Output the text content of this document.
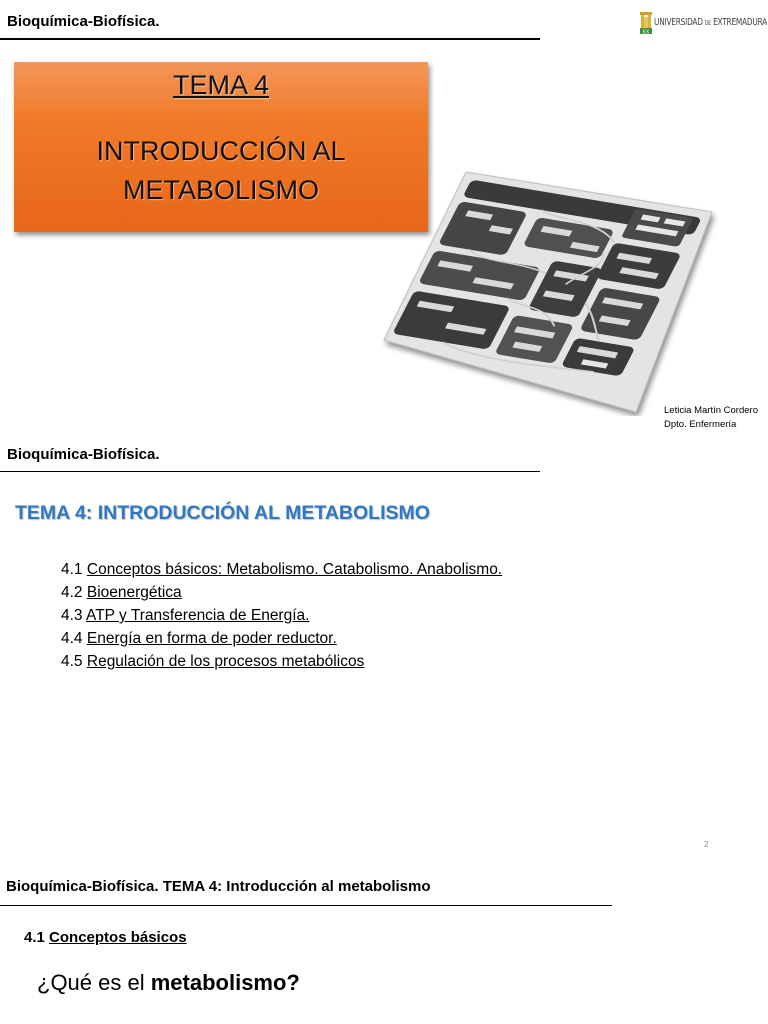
Bioquímica-Biofísica.
EX
UNIVERSIDAD DE EXTREMADURA
TEMA 4
INTRODUCCIÓN AL
METABOLISMO
Leticia Martín Cordero
Dpto. Enfermería
Bioquímica-Biofísica.
TEMA 4: INTRODUCCIÓN AL METABOLISMO
4.1 Conceptos básicos: Metabolismo. Catabolismo. Anabolismo.
4.2 Bioenergética
4.3 ATP y Transferencia de Energía.
4.4 Energía en forma de poder reductor.
4.5 Regulación de los procesos metabólicos
2
Bioquímica-Biofísica. TEMA 4: Introducción al metabolismo
4.1 Conceptos básicos
¿Qué es el metabolismo?
